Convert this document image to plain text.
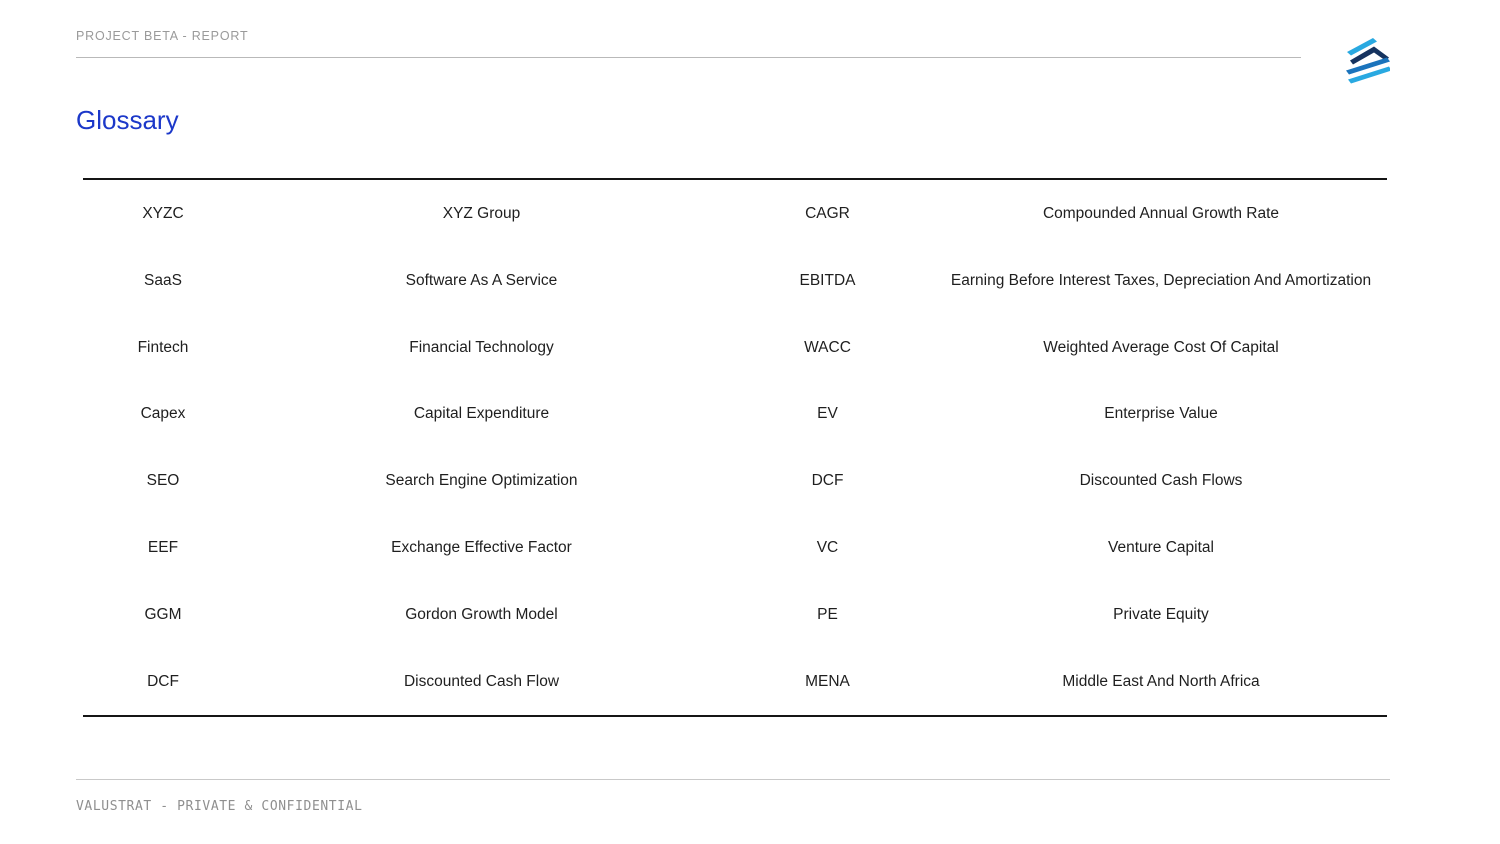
PROJECT BETA - REPORT
Glossary
XYZC	XYZ Group	CAGR	Compounded Annual Growth Rate
SaaS	Software As A Service	EBITDA	Earning Before Interest Taxes, Depreciation And Amortization
Fintech	Financial Technology	WACC	Weighted Average Cost Of Capital
Capex	Capital Expenditure	EV	Enterprise Value
SEO	Search Engine Optimization	DCF	Discounted Cash Flows
EEF	Exchange Effective Factor	VC	Venture Capital
GGM	Gordon Growth Model	PE	Private Equity
DCF	Discounted Cash Flow	MENA	Middle East And North Africa
VALUSTRAT - PRIVATE & CONFIDENTIAL
